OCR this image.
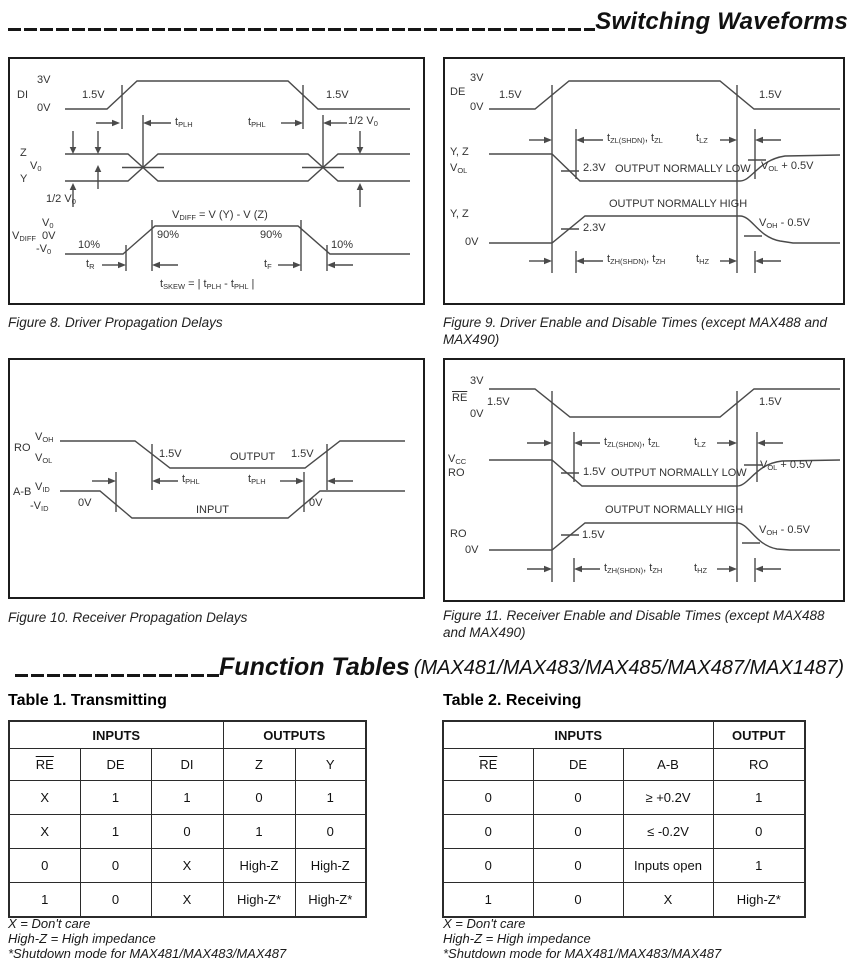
Switching Waveforms
3V
DI
0V
1.5V	1.5V
$t_{PLH}$	$t_{PHL}$	1/2 $V_0$
Z
$V_0$
Y
1/2 $V_0$
$V_{DIFF} = V$ (Y) - V (Z)
$V_{DIFF}$
$V_0$
0V
$-V_0$
10%
90%	90%
10%
$t_R$	$t_F$
$t_{SKEW}$ = | $t_{PLH} - t_{PHL}$ |
Figure 8. Driver Propagation Delays
3V
DE
0V
1.5V	1.5V
$t_{ZL(SHDN)}$, $t_{ZL}$	$t_{LZ}$
Y, Z
$V_{OL}$	2.3V OUTPUT NORMALLY LOW $V_{OL} + 0.5V$
OUTPUT NORMALLY HIGH
Y, Z
0V
2.3V	$V_{OH} - 0.5V$
$t_{ZH(SHDN)}$, $t_{ZH}$	$t_{HZ}$
Figure 9. Driver Enable and Disable Times (except MAX488 and MAX490)
RO
$V_{OH}$
$V_{OL}$
1.5V	OUTPUT 1.5V
$t_{PHL}$	$t_{PLH}$
A-B $V_{ID}$
$-V_{ID}$	0V	0V
INPUT
Figure 10. Receiver Propagation Delays
3V
$\overline{RE}$
0V
1.5V	1.5V
$t_{ZL(SHDN)}$, $t_{ZL}$	$t_{LZ}$
$V_{CC}$
RO	1.5V OUTPUT NORMALLY LOW
$V_{OL} + 0.5V$
OUTPUT NORMALLY HIGH
RO
0V
1.5V	$V_{OH} - 0.5V$
$t_{ZH(SHDN)}$, $t_{ZH}$	$t_{HZ}$
Figure 11. Receiver Enable and Disable Times (except MAX488 and MAX490)
Function Tables (MAX481/MAX483/MAX485/MAX487/MAX1487)
Table 1. Transmitting	Table 2. Receiving
INPUTS			OUTPUTS	
$\overline{RE}$	DE	DI	Z	Y
X	1	1	0	1
X	1	0	1	0
0	0	X	High-Z	High-Z
1	0	X	High-Z*	High-Z*
INPUTS			OUTPUT
$\overline{RE}$	DE	A-B	RO
0	0	≥ +0.2V	1
0	0	≤ -0.2V	0
0	0	Inputs open	1
1	0	X	High-Z*
X = Don't care
High-Z = High impedance
*Shutdown mode for MAX481/MAX483/MAX487
X = Don't care
High-Z = High impedance
*Shutdown mode for MAX481/MAX483/MAX487
